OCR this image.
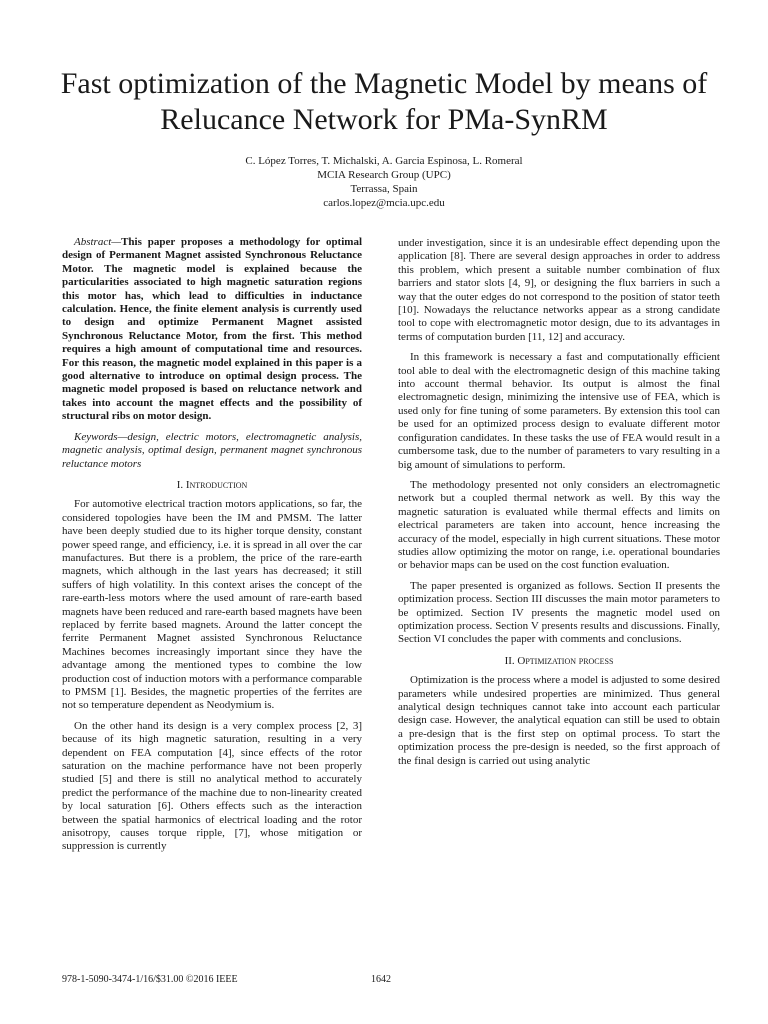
Fast optimization of the Magnetic Model by means of
Relucance Network for PMa-SynRM
C. López Torres, T. Michalski, A. Garcia Espinosa, L. Romeral
MCIA Research Group (UPC)
Terrassa, Spain
carlos.lopez@mcia.upc.edu

Abstract—This paper proposes a methodology for optimal design of Permanent Magnet assisted Synchronous Reluctance Motor. The magnetic model is explained because the particularities associated to high magnetic saturation regions this motor has, which lead to difficulties in inductance calculation. Hence, the finite element analysis is currently used to design and optimize Permanent Magnet assisted Synchronous Reluctance Motor, from the first. This method requires a high amount of computational time and resources. For this reason, the magnetic model explained in this paper is a good alternative to introduce on optimal design process. The magnetic model proposed is based on reluctance network and takes into account the magnet effects and the possibility of structural ribs on motor design.

Keywords—design, electric motors, electromagnetic analysis, magnetic analysis, optimal design, permanent magnet synchronous reluctance motors

I. Introduction

For automotive electrical traction motors applications, so far, the considered topologies have been the IM and PMSM. The latter have been deeply studied due to its higher torque density, constant power speed range, and efficiency, i.e. it is spread in all over the car manufactures. But there is a problem, the price of the rare-earth magnets, which although in the last years has decreased; it still suffers of high volatility. In this context arises the concept of the rare-earth-less motors where the used amount of rare-earth based magnets have been reduced and rare-earth based magnets have been replaced by ferrite based magnets. Around the latter concept the ferrite Permanent Magnet assisted Synchronous Reluctance Machines becomes increasingly important since they have the advantage among the mentioned types to combine the low production cost of induction motors with a performance comparable to PMSM [1]. Besides, the magnetic properties of the ferrites are not so temperature dependent as Neodymium is.

On the other hand its design is a very complex process [2, 3] because of its high magnetic saturation, resulting in a very dependent on FEA computation [4], since effects of the rotor saturation on the machine performance have not been properly studied [5] and there is still no analytical method to accurately predict the performance of the machine due to non-linearity created by local saturation [6]. Others effects such as the interaction between the spatial harmonics of electrical loading and the rotor anisotropy, causes torque ripple, [7], whose mitigation or suppression is currently

under investigation, since it is an undesirable effect depending upon the application [8]. There are several design approaches in order to address this problem, which present a suitable number combination of flux barriers and stator slots [4, 9], or designing the flux barriers in such a way that the outer edges do not correspond to the position of stator teeth [10]. Nowadays the reluctance networks appear as a strong candidate tool to cope with electromagnetic motor design, due to its advantages in terms of computation burden [11, 12] and accuracy.

In this framework is necessary a fast and computationally efficient tool able to deal with the electromagnetic design of this machine taking into account thermal behavior. Its output is almost the final electromagnetic design, minimizing the intensive use of FEA, which is used only for fine tuning of some parameters. By extension this tool can be used for an optimized process design to evaluate different motor configuration candidates. In these tasks the use of FEA would result in a cumbersome task, due to the number of parameters to vary resulting in a big amount of simulations to perform.

The methodology presented not only considers an electromagnetic network but a coupled thermal network as well. By this way the magnetic saturation is evaluated while thermal effects and limits on electrical parameters are taken into account, hence increasing the accuracy of the model, especially in high current situations. These motor studies allow optimizing the motor on range, i.e. operational boundaries or behavior maps can be used on the cost function evaluation.

The paper presented is organized as follows. Section II presents the optimization process. Section III discusses the main motor parameters to be optimized. Section IV presents the magnetic model used on optimization process. Section V presents results and discussions. Finally, Section VI concludes the paper with comments and conclusions.

II. Optimization process

Optimization is the process where a model is adjusted to some desired parameters while undesired properties are minimized. Thus general analytical design techniques cannot take into account each particular design case. However, the analytical equation can still be used to obtain a pre-design that is the first step on optimal process. To start the optimization process the pre-design is needed, so the first approach of the final design is carried out using analytic

978-1-5090-3474-1/16/$31.00 ©2016 IEEE	1642
